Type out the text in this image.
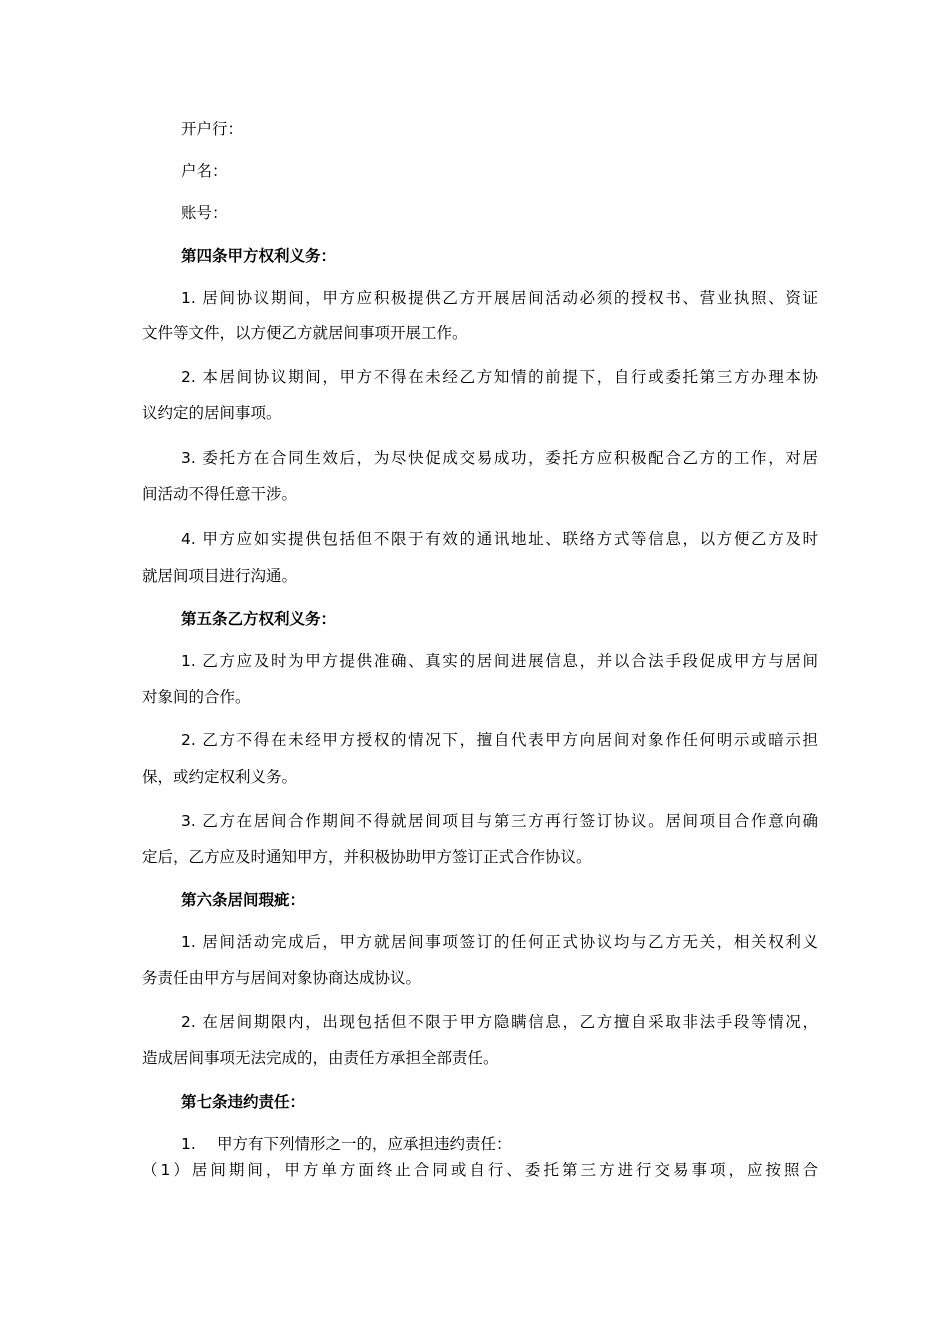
开户行：
户名：
账号：
第四条甲方权利义务：
1. 居间协议期间，甲方应积极提供乙方开展居间活动必须的授权书、营业执照、资证
文件等文件，以方便乙方就居间事项开展工作。
2. 本居间协议期间，甲方不得在未经乙方知情的前提下，自行或委托第三方办理本协
议约定的居间事项。
3. 委托方在合同生效后，为尽快促成交易成功，委托方应积极配合乙方的工作，对居
间活动不得任意干涉。
4. 甲方应如实提供包括但不限于有效的通讯地址、联络方式等信息，以方便乙方及时
就居间项目进行沟通。
第五条乙方权利义务：
1. 乙方应及时为甲方提供准确、真实的居间进展信息，并以合法手段促成甲方与居间
对象间的合作。
2. 乙方不得在未经甲方授权的情况下，擅自代表甲方向居间对象作任何明示或暗示担
保，或约定权利义务。
3. 乙方在居间合作期间不得就居间项目与第三方再行签订协议。居间项目合作意向确
定后，乙方应及时通知甲方，并积极协助甲方签订正式合作协议。
第六条居间瑕疵：
1. 居间活动完成后，甲方就居间事项签订的任何正式协议均与乙方无关，相关权利义
务责任由甲方与居间对象协商达成协议。
2. 在居间期限内，出现包括但不限于甲方隐瞒信息，乙方擅自采取非法手段等情况，
造成居间事项无法完成的，由责任方承担全部责任。
第七条违约责任：
1. 甲方有下列情形之一的，应承担违约责任：
（1）居间期间，甲方单方面终止合同或自行、委托第三方进行交易事项，应按照合
